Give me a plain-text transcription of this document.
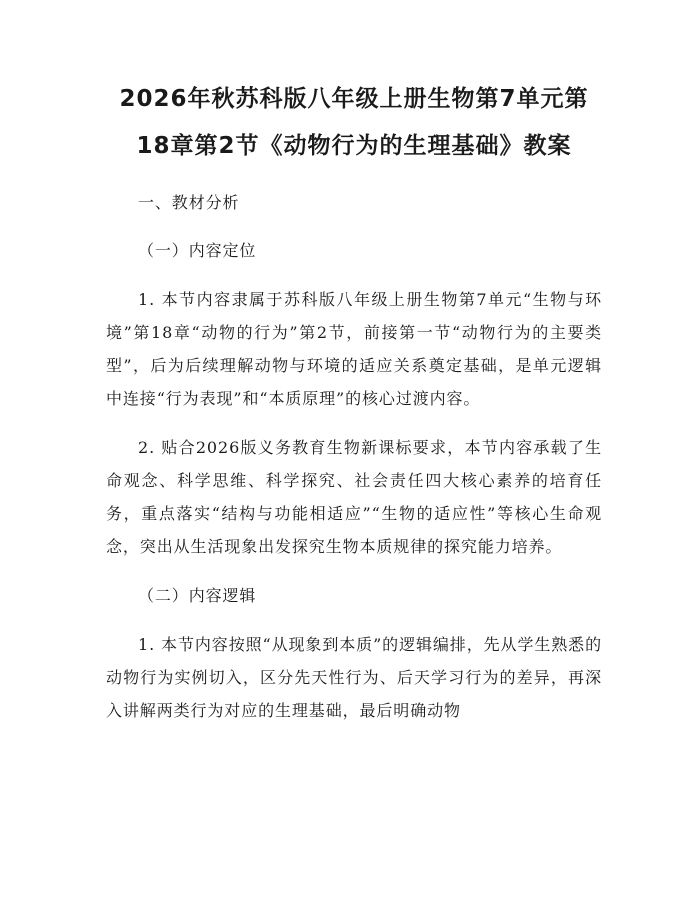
2026年秋苏科版八年级上册生物第7单元第
18章第2节《动物行为的生理基础》教案

一、教材分析

（一）内容定位

1. 本节内容隶属于苏科版八年级上册生物第7单元“生物与环境”第18章“动物的行为”第2节，前接第一节“动物行为的主要类型”，后为后续理解动物与环境的适应关系奠定基础，是单元逻辑中连接“行为表现”和“本质原理”的核心过渡内容。

2. 贴合2026版义务教育生物新课标要求，本节内容承载了生命观念、科学思维、科学探究、社会责任四大核心素养的培育任务，重点落实“结构与功能相适应”“生物的适应性”等核心生命观念，突出从生活现象出发探究生物本质规律的探究能力培养。

（二）内容逻辑

1. 本节内容按照“从现象到本质”的逻辑编排，先从学生熟悉的动物行为实例切入，区分先天性行为、后天学习行为的差异，再深入讲解两类行为对应的生理基础，最后明确动物
